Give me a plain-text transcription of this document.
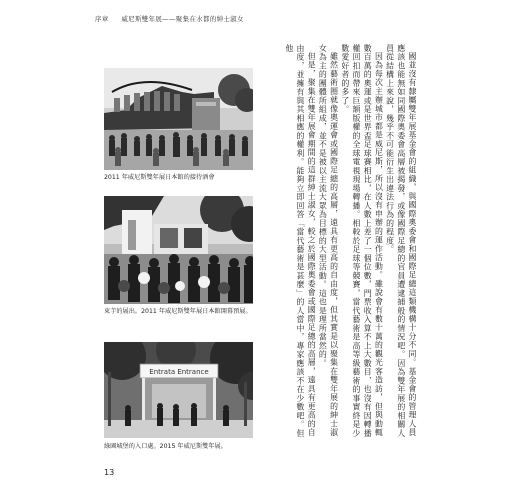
序章 威尼斯雙年展——聚集在水都的紳士淑女
2011 年威尼斯雙年展日本館的接待酒會
束芋的展出。2011 年威尼斯雙年展日本館開幕預展。
Entrata Entrance
綠園城堡的入口處。2015 年威尼斯雙年展。

國並沒有隸屬雙年展基金會的組織，與國際奧委會和國際足總這類機構十分不同。基金會的管理人員應該也能無如同國際奧委會高層被揭發，或像國際足總的官員遭逮捕般的情況吧。因為雙年展的相關人員從結構上來說，幾乎不可能衍生出違法行為的程度。

因為每次主辦城市都是威尼斯，所以沒有申辦的運作活動。雖說會有數十萬的觀光客造訪，但與動輒數百萬的奧運或是世界盃足球賽相比，在人數上差了一個位數，門票收入算不上大數目，也沒有因轉播權回扣而帶來巨額版權的全球電視現場轉播。相較於足球等競賽，當代藝術是高等級藝術的事實終是少數愛好者的多了。

雖然藝術圈就像奧運會或國際足總的高層，遠具有更高的自由度，但其實是以聚集在雙年展的紳士淑女為主的團體所組成，並不是被以主流大眾為目標的大型活動。這也是理所當然的。

但是，聚集在雙年展會期間的這群紳士淑女，較之於國際奧委會或國際足總的高層，遠具有更高的自由度，並擁有與其相應的權利。能夠立即回答「當代藝術是甚麼」的人當中，專家應該不在少數吧。但他

13
